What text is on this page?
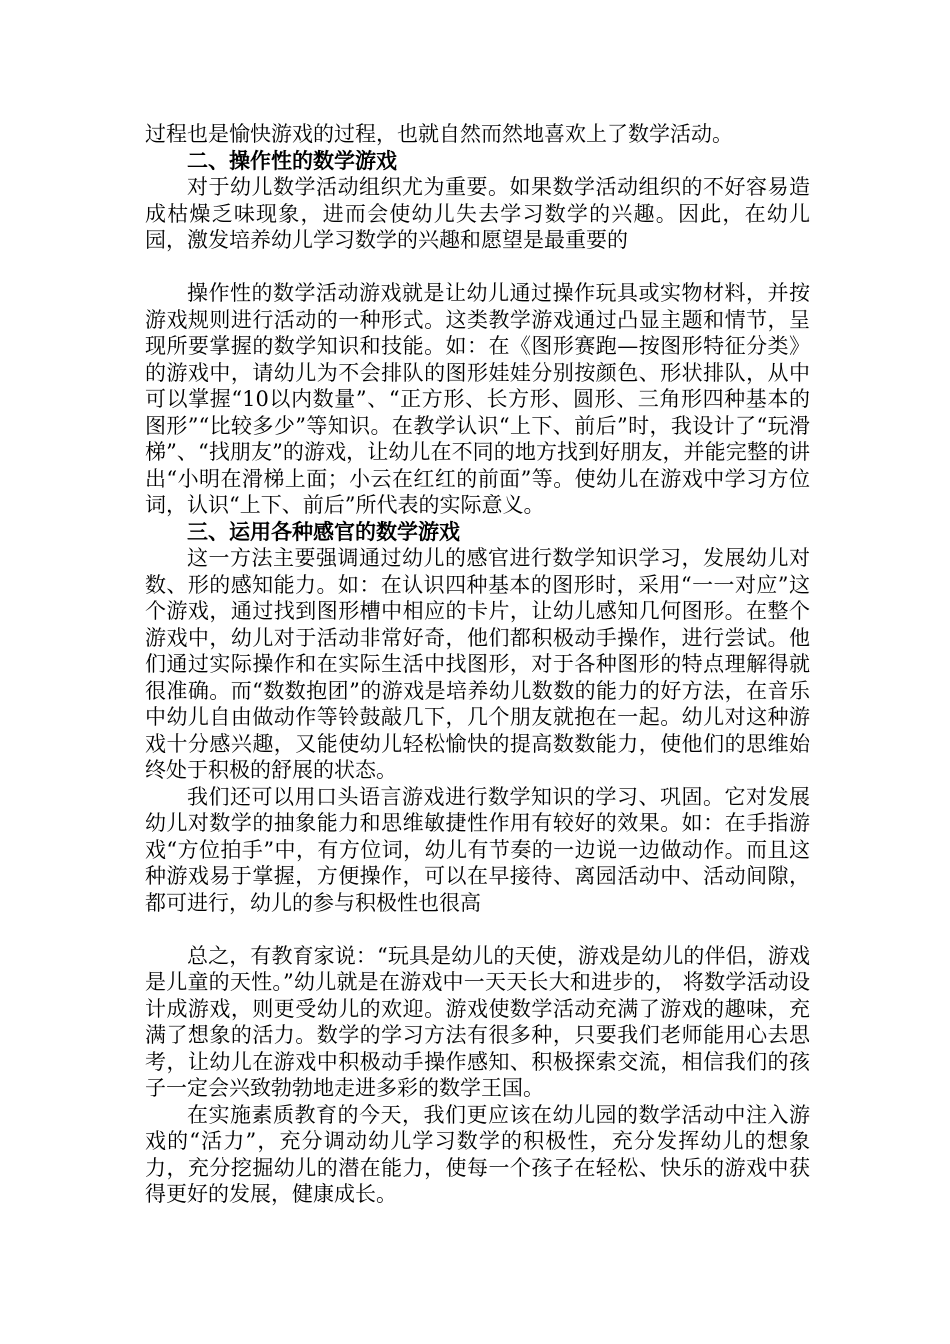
过程也是愉快游戏的过程，也就自然而然地喜欢上了数学活动。

二、操作性的数学游戏

对于幼儿数学活动组织尤为重要。如果数学活动组织的不好容易造成枯燥乏味现象，进而会使幼儿失去学习数学的兴趣。因此，在幼儿园，激发培养幼儿学习数学的兴趣和愿望是最重要的

操作性的数学活动游戏就是让幼儿通过操作玩具或实物材料，并按游戏规则进行活动的一种形式。这类教学游戏通过凸显主题和情节，呈现所要掌握的数学知识和技能。如：在《图形赛跑—按图形特征分类》的游戏中，请幼儿为不会排队的图形娃娃分别按颜色、形状排队，从中可以掌握“10以内数量”、“正方形、长方形、圆形、三角形四种基本的图形”“比较多少”等知识。在教学认识“上下、前后”时，我设计了“玩滑梯”、“找朋友”的游戏，让幼儿在不同的地方找到好朋友，并能完整的讲出“小明在滑梯上面；小云在红红的前面”等。使幼儿在游戏中学习方位词，认识“上下、前后”所代表的实际意义。

三、运用各种感官的数学游戏

这一方法主要强调通过幼儿的感官进行数学知识学习，发展幼儿对数、形的感知能力。如：在认识四种基本的图形时，采用“一一对应”这个游戏，通过找到图形槽中相应的卡片，让幼儿感知几何图形。在整个游戏中，幼儿对于活动非常好奇，他们都积极动手操作，进行尝试。他们通过实际操作和在实际生活中找图形，对于各种图形的特点理解得就很准确。而“数数抱团”的游戏是培养幼儿数数的能力的好方法，在音乐中幼儿自由做动作等铃鼓敲几下，几个朋友就抱在一起。幼儿对这种游戏十分感兴趣，又能使幼儿轻松愉快的提高数数能力，使他们的思维始终处于积极的舒展的状态。

我们还可以用口头语言游戏进行数学知识的学习、巩固。它对发展幼儿对数学的抽象能力和思维敏捷性作用有较好的效果。如：在手指游戏“方位拍手”中，有方位词，幼儿有节奏的一边说一边做动作。而且这种游戏易于掌握，方便操作，可以在早接待、离园活动中、活动间隙，都可进行，幼儿的参与积极性也很高

总之，有教育家说：“玩具是幼儿的天使，游戏是幼儿的伴侣，游戏是儿童的天性。”幼儿就是在游戏中一天天长大和进步的， 将数学活动设计成游戏，则更受幼儿的欢迎。游戏使数学活动充满了游戏的趣味，充满了想象的活力。数学的学习方法有很多种，只要我们老师能用心去思考，让幼儿在游戏中积极动手操作感知、积极探索交流，相信我们的孩子一定会兴致勃勃地走进多彩的数学王国。

在实施素质教育的今天，我们更应该在幼儿园的数学活动中注入游戏的“活力”，充分调动幼儿学习数学的积极性，充分发挥幼儿的想象力，充分挖掘幼儿的潜在能力，使每一个孩子在轻松、快乐的游戏中获得更好的发展，健康成长。
